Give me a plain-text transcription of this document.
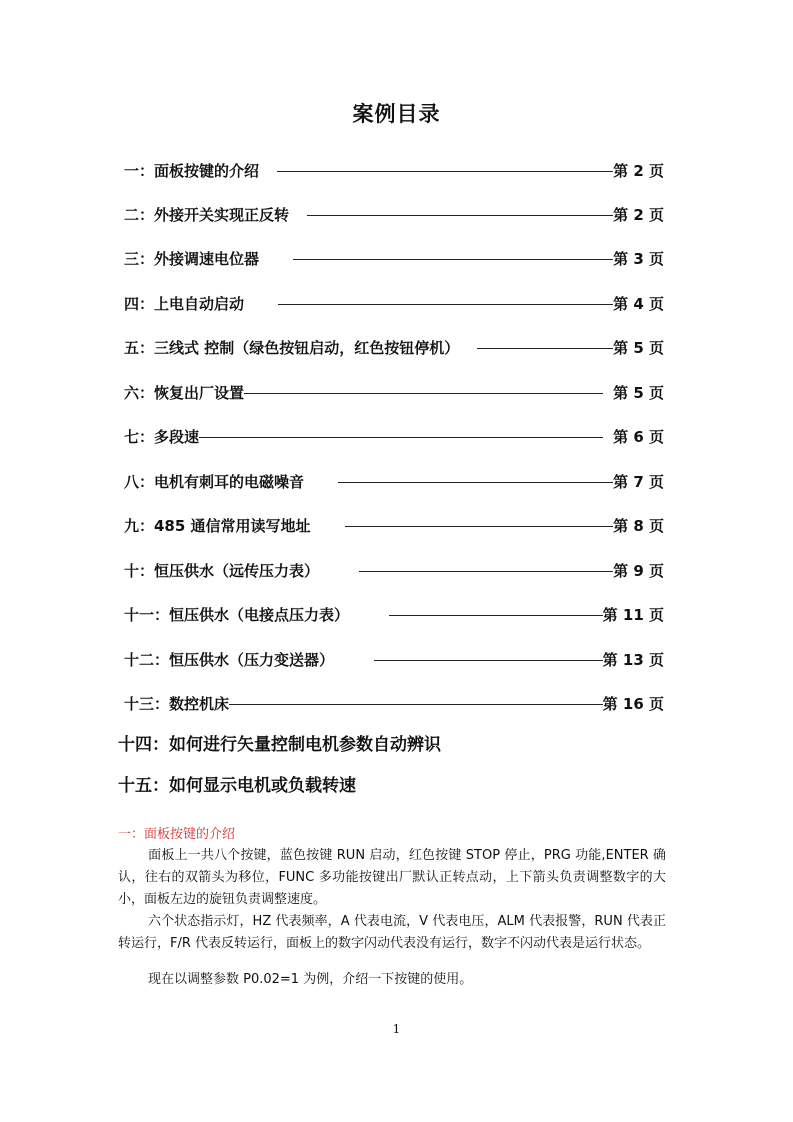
案例目录
一：面板按键的介绍	第 2 页
二：外接开关实现正反转	第 2 页
三：外接调速电位器	第 3 页
四：上电自动启动	第 4 页
五：三线式 控制（绿色按钮启动，红色按钮停机）	第 5 页
六：恢复出厂设置	第 5 页
七：多段速	第 6 页
八：电机有刺耳的电磁噪音	第 7 页
九：485 通信常用读写地址	第 8 页
十：恒压供水（远传压力表）	第 9 页
十一：恒压供水（电接点压力表）	第 11 页
十二：恒压供水（压力变送器）	第 13 页
十三：数控机床	第 16 页
十四：如何进行矢量控制电机参数自动辨识
十五：如何显示电机或负载转速
一：面板按键的介绍
面板上一共八个按键，蓝色按键 RUN 启动，红色按键 STOP 停止，PRG 功能,ENTER 确认，往右的双箭头为移位，FUNC 多功能按键出厂默认正转点动，上下箭头负责调整数字的大小，面板左边的旋钮负责调整速度。
六个状态指示灯，HZ 代表频率，A 代表电流，V 代表电压，ALM 代表报警，RUN 代表正转运行，F/R 代表反转运行，面板上的数字闪动代表没有运行，数字不闪动代表是运行状态。
现在以调整参数 P0.02=1 为例，介绍一下按键的使用。
1
